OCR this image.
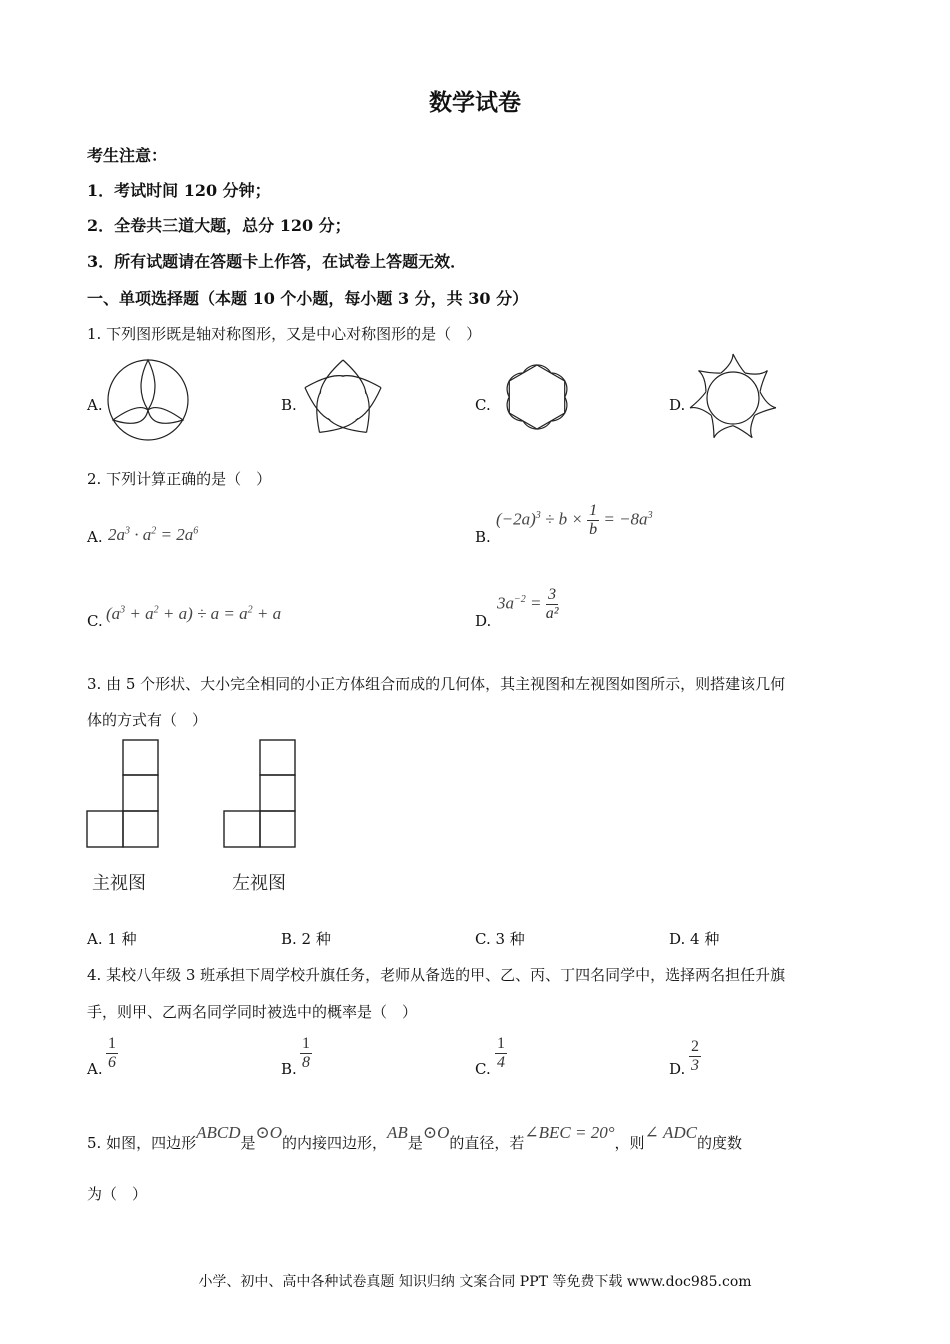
数学试卷
考生注意：
1．考试时间 120 分钟；
2．全卷共三道大题，总分 120 分；
3．所有试题请在答题卡上作答，在试卷上答题无效．
一、单项选择题（本题 10 个小题，每小题 3 分，共 30 分）
1. 下列图形既是轴对称图形，又是中心对称图形的是（　）
A.	B.	C.	D.
2. 下列计算正确的是（　）
A. $2a^3 \cdot a^2 = 2a^6$	B.
$(-2a)^3 \div b \times \frac{1}{b} = -8a^3$
C. $(a^3 + a^2 + a) \div a = a^2 + a$	D.
$3a^{-2} = \frac{3}{\text{a²}}$
3. 由 5 个形状、大小完全相同的小正方体组合而成的几何体，其主视图和左视图如图所示，则搭建该几何
体的方式有（　）
主视图	左视图
A. 1 种	B. 2 种	C. 3 种	D. 4 种
4. 某校八年级 3 班承担下周学校升旗任务，老师从备选的甲、乙、丙、丁四名同学中，选择两名担任升旗
手，则甲、乙两名同学同时被选中的概率是（　）
A. $\frac{1}{6}$	B. $\frac{1}{8}$	C. $\frac{1}{4}$	D. $\frac{2}{3}$
5. 如图，四边形ABCD是⊙O的内接四边形，AB是⊙O的直径，若∠BEC = 20°，则∠ ADC的度数
为（　）
小学、初中、高中各种试卷真题 知识归纳 文案合同 PPT 等免费下载 www.doc985.com
